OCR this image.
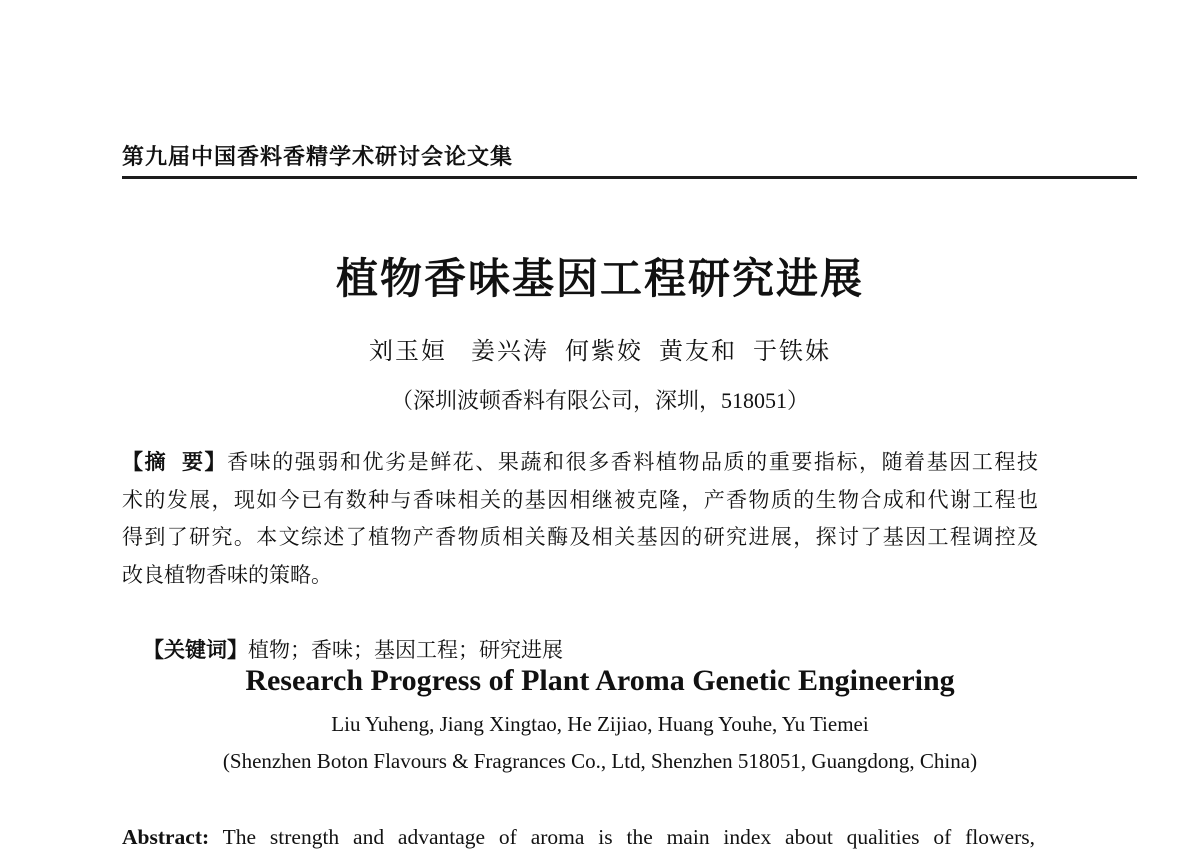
第九届中国香料香精学术研讨会论文集
植物香味基因工程研究进展
刘玉姮   姜兴涛  何紫姣  黄友和  于铁妹
（深圳波顿香料有限公司，深圳，518051）
【摘  要】香味的强弱和优劣是鲜花、果蔬和很多香料植物品质的重要指标，随着基因工程技
术的发展，现如今已有数种与香味相关的基因相继被克隆，产香物质的生物合成和代谢工程也
得到了研究。本文综述了植物产香物质相关酶及相关基因的研究进展，探讨了基因工程调控及
改良植物香味的策略。

【关键词】植物；香味；基因工程；研究进展

Research Progress of Plant Aroma Genetic Engineering
Liu Yuheng, Jiang Xingtao, He Zijiao, Huang Youhe, Yu Tiemei
(Shenzhen Boton Flavours & Fragrances Co., Ltd, Shenzhen 518051, Guangdong, China)
Abstract: The strength and advantage of aroma is the main index about qualities of flowers,
